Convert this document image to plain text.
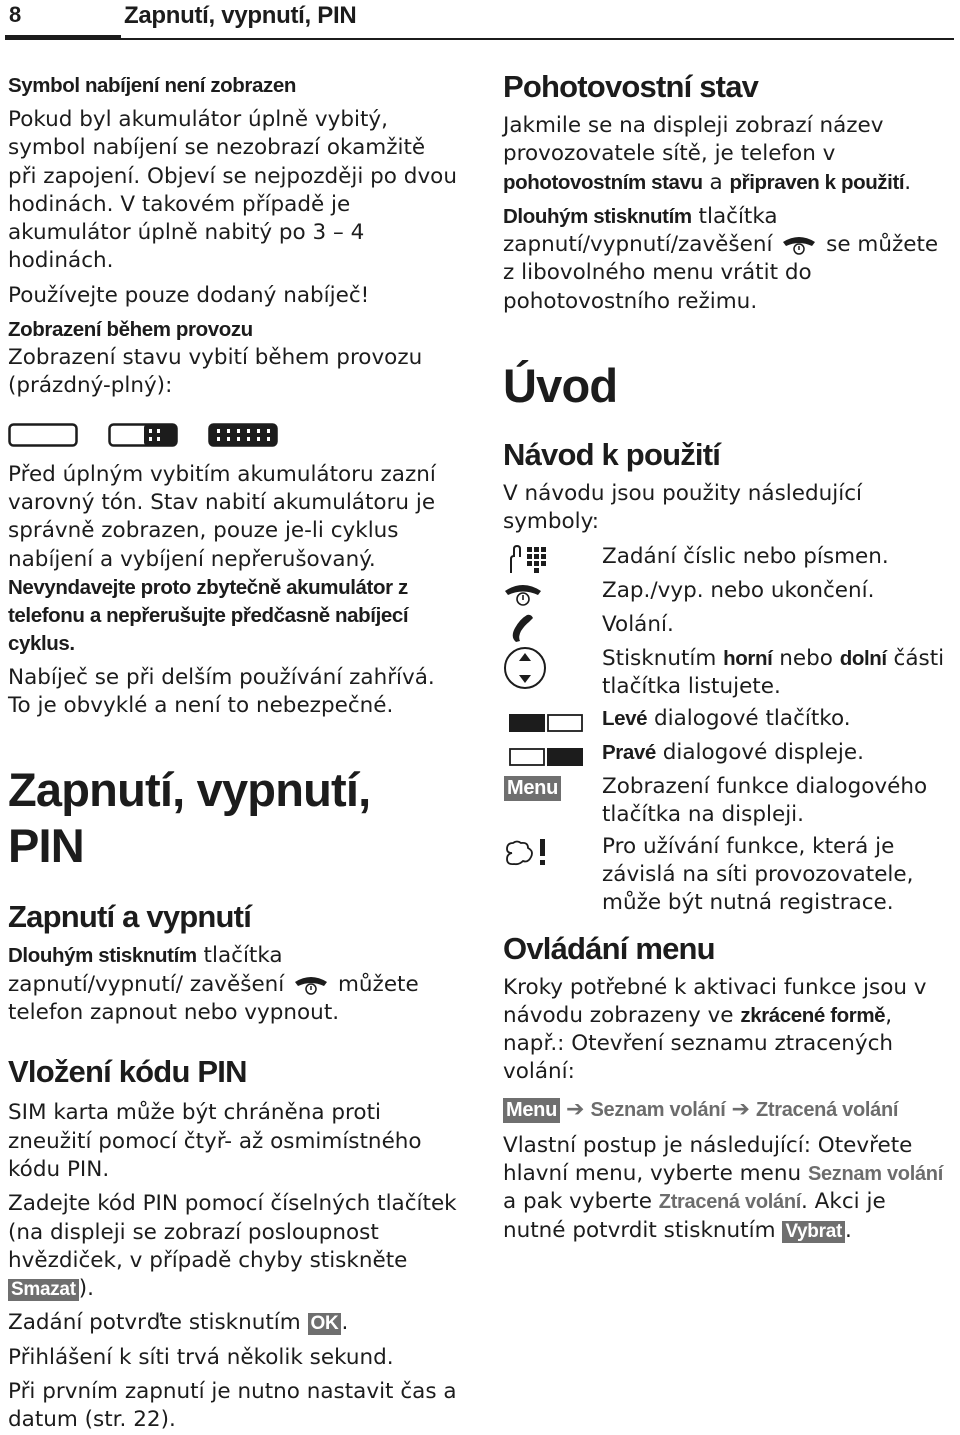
8	Zapnutí, vypnutí, PIN
Symbol nabíjení není zobrazen

Pokud byl akumulátor úplně vybitý, symbol nabíjení se nezobrazí okamžitě při zapojení. Objeví se nejpozději po dvou hodinách. V takovém případě je akumulátor úplně nabitý po 3 – 4 hodinách.

Používejte pouze dodaný nabíječ!

Zobrazení během provozu

Zobrazení stavu vybití během provozu (prázdný-plný):

Před úplným vybitím akumulátoru zazní varovný tón. Stav nabití akumulátoru je správně zobrazen, pouze je-li cyklus nabíjení a vybíjení nepřerušovaný.

Nevyndavejte proto zbytečně akumulátor z telefonu a nepřerušujte předčasně nabíjecí cyklus.

Nabíječ se při delším používání zahřívá. To je obvyklé a není to nebezpečné.

Zapnutí, vypnutí, PIN
Zapnutí a vypnutí

Dlouhým stisknutím tlačítka zapnutí/vypnutí/ zavěšení  můžete telefon zapnout nebo vypnout.

Vložení kódu PIN

SIM karta může být chráněna proti zneužití pomocí čtyř- až osmimístného kódu PIN.

Zadejte kód PIN pomocí číselných tlačítek (na displeji se zobrazí posloupnost hvězdiček, v případě chyby stiskněte Smazat ).

Zadání potvrďte stisknutím OK .

Přihlášení k síti trvá několik sekund.

Při prvním zapnutí je nutno nastavit čas a datum (str. 22).

Pohotovostní stav

Jakmile se na displeji zobrazí název provozovatele sítě, je telefon v pohotovostním stavu a připraven k použití.

Dlouhým stisknutím tlačítka zapnutí/vypnutí/zavěšení  se můžete z libovolného menu vrátit do pohotovostního režimu.

Úvod
Návod k použití

V návodu jsou použity následující symboly:

Zadání číslic nebo písmen.

Zap./vyp. nebo ukončení.

Volání.

Stisknutím horní nebo dolní části tlačítka listujete.

Levé dialogové tlačítko.

Pravé dialogové displeje.

Menu Zobrazení funkce dialogového tlačítka na displeji.

Pro užívání funkce, která je závislá na síti provozovatele, může být nutná registrace.

Ovládání menu

Kroky potřebné k aktivaci funkce jsou v návodu zobrazeny ve zkrácené formě, např.: Otevření seznamu ztracených volání:

Menu ➔ Seznam volání ➔ Ztracená volání

Vlastní postup je následující: Otevřete hlavní menu, vyberte menu Seznam volání a pak vyberte Ztracená volání. Akci je nutné potvrdit stisknutím Vybrat .
